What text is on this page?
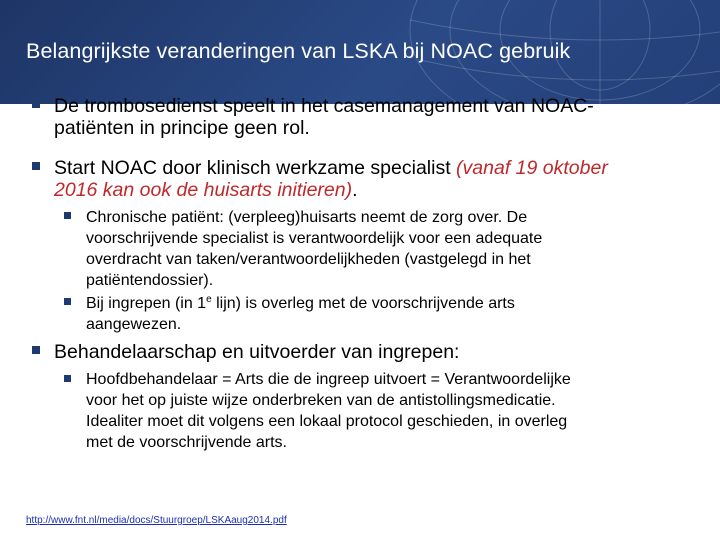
Belangrijkste veranderingen van LSKA bij NOAC gebruik
De trombosedienst speelt in het casemanagement van NOAC-
patiënten in principe geen rol.
Start NOAC door klinisch werkzame specialist (vanaf 19 oktober
2016 kan ook de huisarts initieren).
Chronische patiënt: (verpleeg)huisarts neemt de zorg over. De
voorschrijvende specialist is verantwoordelijk voor een adequate
overdracht van taken/verantwoordelijkheden (vastgelegd in het
patiëntendossier).
Bij ingrepen (in 1e lijn) is overleg met de voorschrijvende arts
aangewezen.
Behandelaarschap en uitvoerder van ingrepen:
Hoofdbehandelaar = Arts die de ingreep uitvoert = Verantwoordelijke
voor het op juiste wijze onderbreken van de antistollingsmedicatie.
Idealiter moet dit volgens een lokaal protocol geschieden, in overleg
met de voorschrijvende arts.
http://www.fnt.nl/media/docs/Stuurgroep/LSKAaug2014.pdf
